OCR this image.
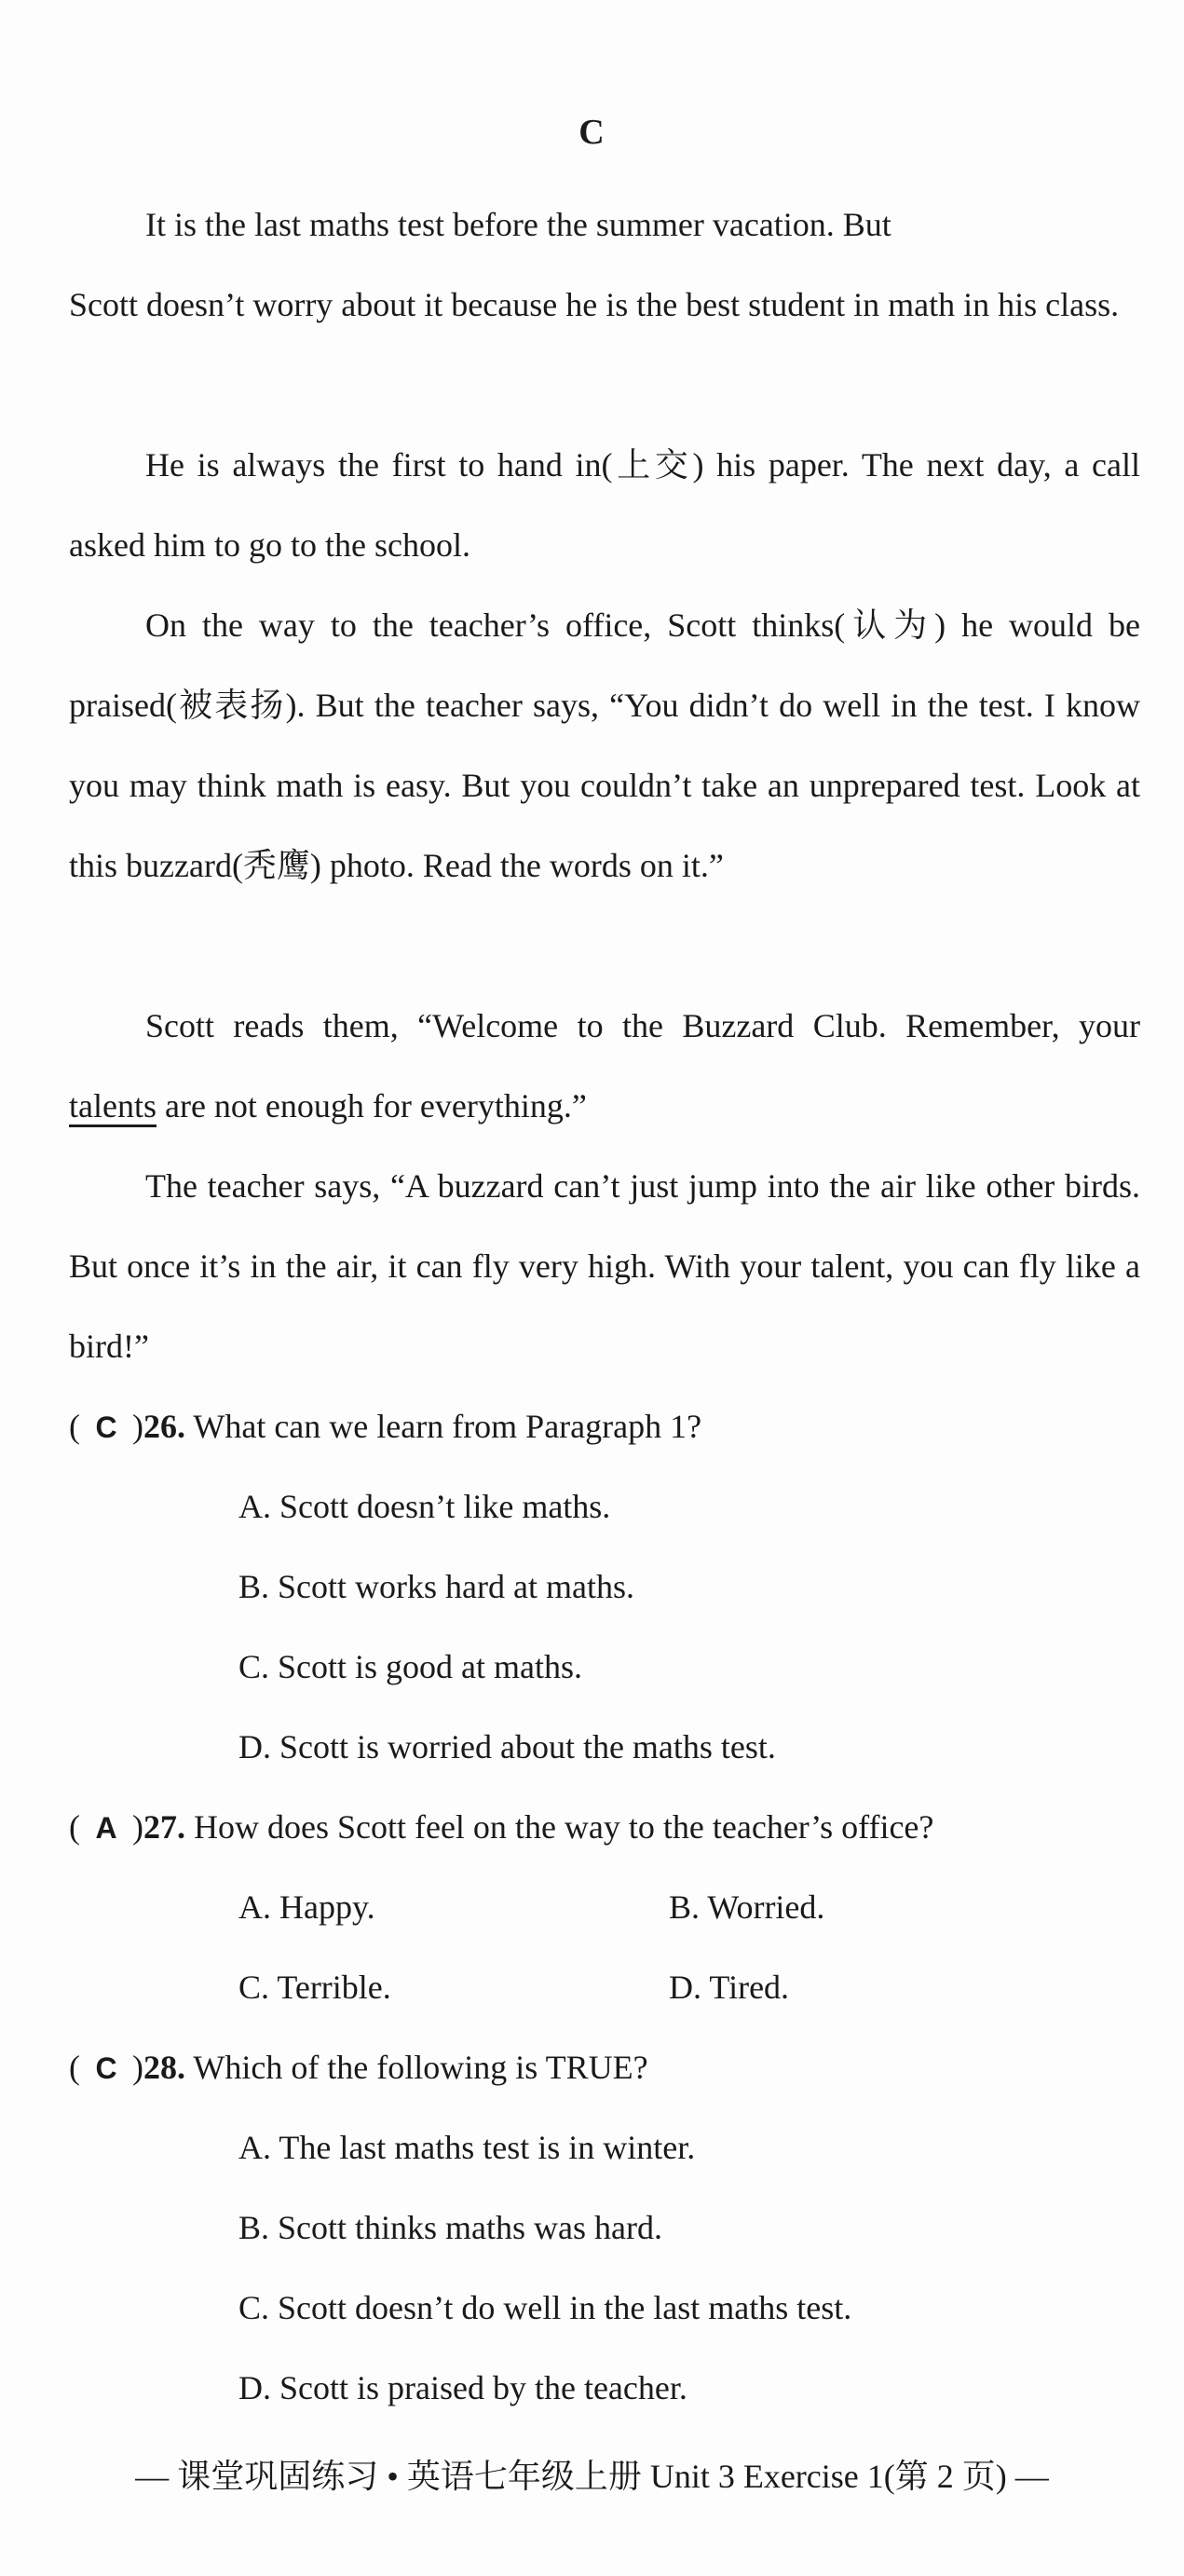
C
It is the last maths test before the summer vacation. But
Scott doesn’t worry about it because he is the best student in math in his class.
He is always the first to hand in(上交) his paper. The next day, a call asked him to go to the school.
On the way to the teacher’s office, Scott thinks(认为) he would be praised(被表扬). But the teacher says, “You didn’t do well in the test. I know you may think math is easy. But you couldn’t take an unprepared test. Look at this buzzard(秃鹰) photo. Read the words on it.”
Scott reads them, “Welcome to the Buzzard Club. Remember, your talents are not enough for everything.”
The teacher says, “A buzzard can’t just jump into the air like other birds. But once it’s in the air, it can fly very high. With your talent, you can fly like a bird!”
( C )26. What can we learn from Paragraph 1?
A. Scott doesn’t like maths.
B. Scott works hard at maths.
C. Scott is good at maths.
D. Scott is worried about the maths test.
( A )27. How does Scott feel on the way to the teacher’s office?
A. Happy.	B. Worried.
C. Terrible.	D. Tired.
( C )28. Which of the following is TRUE?
A. The last maths test is in winter.
B. Scott thinks maths was hard.
C. Scott doesn’t do well in the last maths test.
D. Scott is praised by the teacher.
— 课堂巩固练习 • 英语七年级上册 Unit 3 Exercise 1(第 2 页) —
